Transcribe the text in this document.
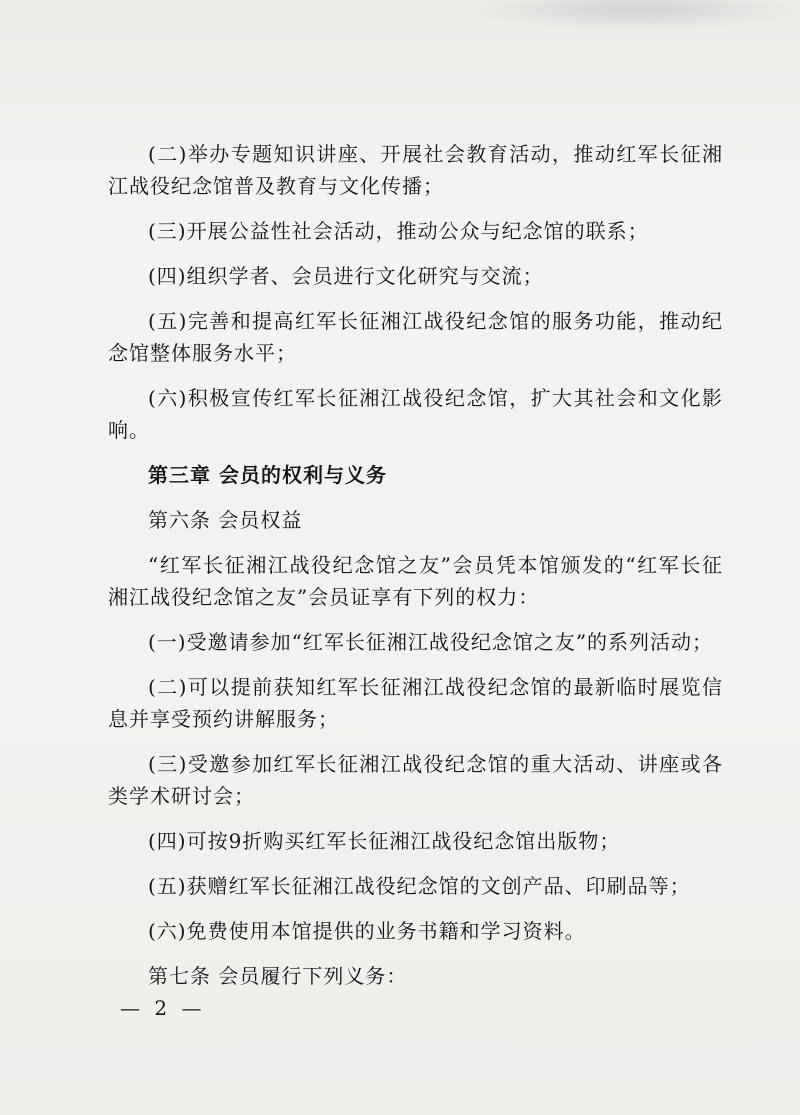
(二)举办专题知识讲座、开展社会教育活动，推动红军长征湘江战役纪念馆普及教育与文化传播；

(三)开展公益性社会活动，推动公众与纪念馆的联系；

(四)组织学者、会员进行文化研究与交流；

(五)完善和提高红军长征湘江战役纪念馆的服务功能，推动纪念馆整体服务水平；

(六)积极宣传红军长征湘江战役纪念馆，扩大其社会和文化影响。

第三章 会员的权利与义务

第六条 会员权益

“红军长征湘江战役纪念馆之友”会员凭本馆颁发的“红军长征湘江战役纪念馆之友”会员证享有下列的权力：

(一)受邀请参加“红军长征湘江战役纪念馆之友”的系列活动；

(二)可以提前获知红军长征湘江战役纪念馆的最新临时展览信息并享受预约讲解服务；

(三)受邀参加红军长征湘江战役纪念馆的重大活动、讲座或各类学术研讨会；

(四)可按9折购买红军长征湘江战役纪念馆出版物；

(五)获赠红军长征湘江战役纪念馆的文创产品、印刷品等；

(六)免费使用本馆提供的业务书籍和学习资料。

第七条 会员履行下列义务：

— 2 —
